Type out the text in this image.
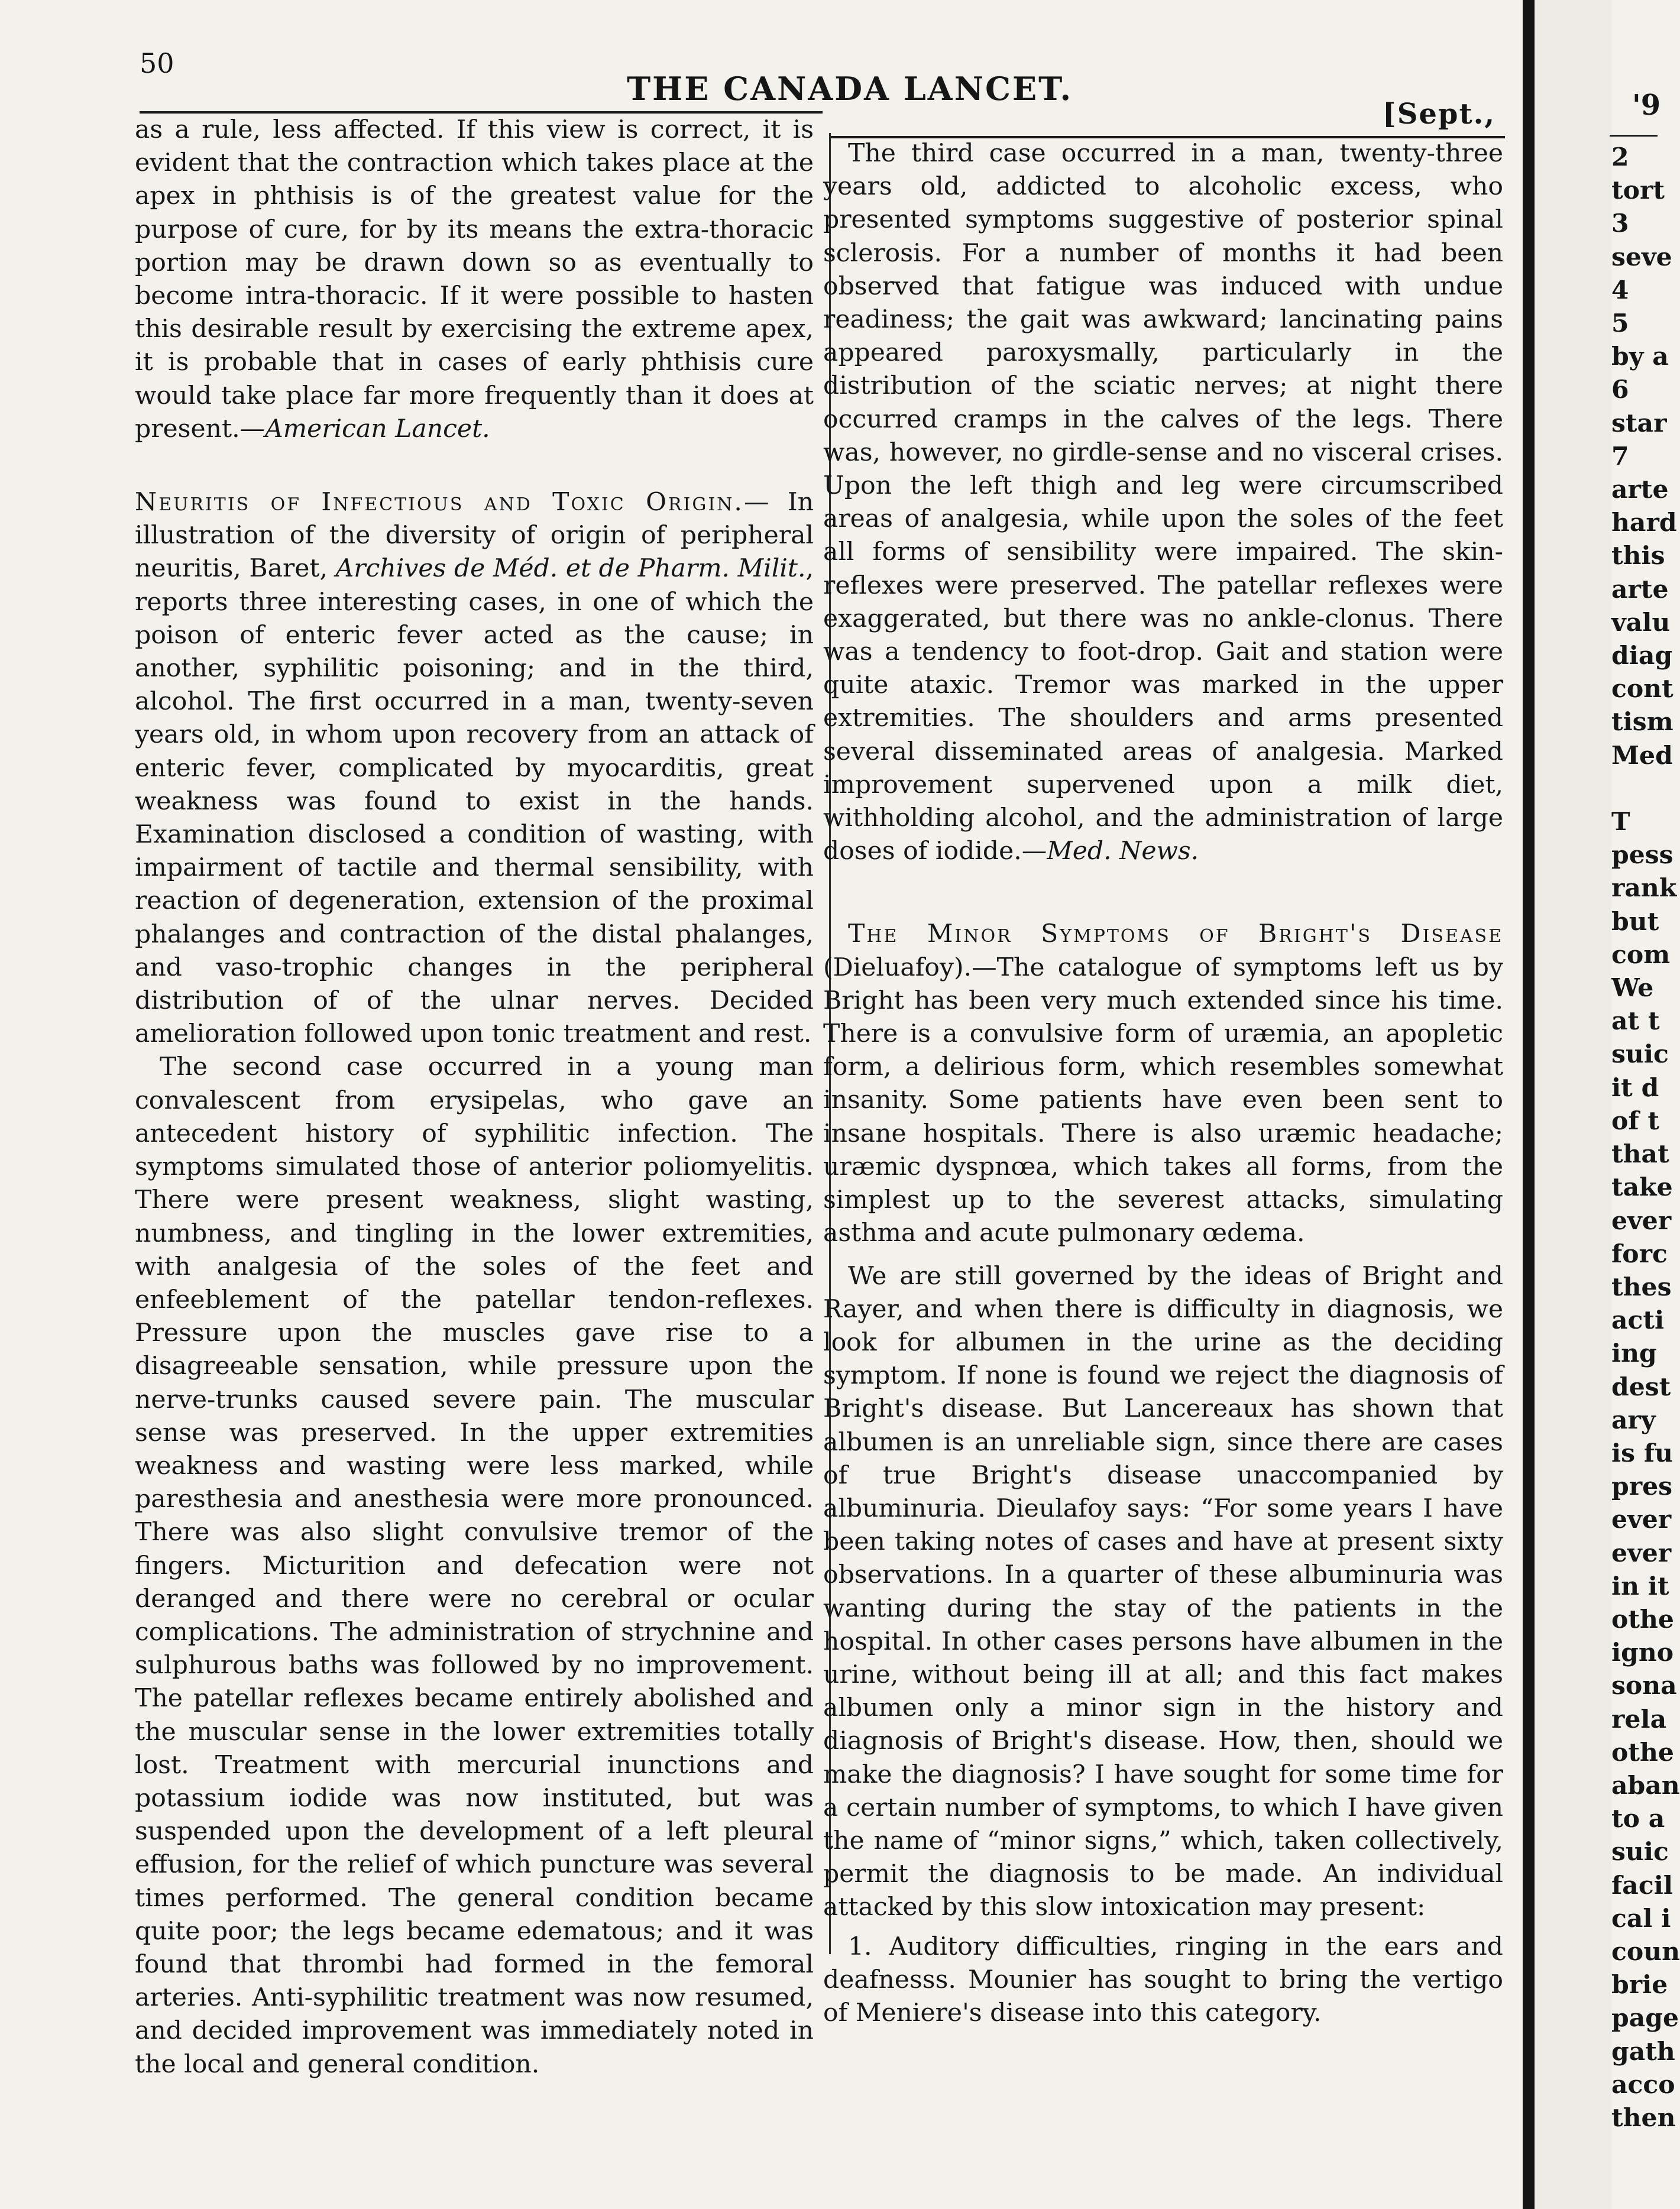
50
THE CANADA LANCET.
[Sept.,

as a rule, less affected. If this view is correct, it is evident that the contraction which takes place at the apex in phthisis is of the greatest value for the purpose of cure, for by its means the extra-thoracic portion may be drawn down so as eventually to become intra-thoracic. If it were possible to hasten this desirable result by exercising the extreme apex, it is probable that in cases of early phthisis cure would take place far more frequently than it does at present.—American Lancet.

Neuritis of Infectious and Toxic Origin.— In illustration of the diversity of origin of peripheral neuritis, Baret, Archives de Méd. et de Pharm. Milit., reports three interesting cases, in one of which the poison of enteric fever acted as the cause; in another, syphilitic poisoning; and in the third, alcohol. The first occurred in a man, twenty-seven years old, in whom upon recovery from an attack of enteric fever, complicated by myocarditis, great weakness was found to exist in the hands. Examination disclosed a condition of wasting, with impairment of tactile and thermal sensibility, with reaction of degeneration, extension of the proximal phalanges and contraction of the distal phalanges, and vaso-trophic changes in the peripheral distribution of of the ulnar nerves. Decided amelioration followed upon tonic treatment and rest.

The second case occurred in a young man convalescent from erysipelas, who gave an antecedent history of syphilitic infection. The symptoms simulated those of anterior poliomyelitis. There were present weakness, slight wasting, numbness, and tingling in the lower extremities, with analgesia of the soles of the feet and enfeeblement of the patellar tendon-reflexes. Pressure upon the muscles gave rise to a disagreeable sensation, while pressure upon the nerve-trunks caused severe pain. The muscular sense was preserved. In the upper extremities weakness and wasting were less marked, while paresthesia and anesthesia were more pronounced. There was also slight convulsive tremor of the fingers. Micturition and defecation were not deranged and there were no cerebral or ocular complications. The administration of strychnine and sulphurous baths was followed by no improvement. The patellar reflexes became entirely abolished and the muscular sense in the lower extremities totally lost. Treatment with mercurial inunctions and potassium iodide was now instituted, but was suspended upon the development of a left pleural effusion, for the relief of which puncture was several times performed. The general condition became quite poor; the legs became edematous; and it was found that thrombi had formed in the femoral arteries. Anti-syphilitic treatment was now resumed, and decided improvement was immediately noted in the local and general condition.

The third case occurred in a man, twenty-three years old, addicted to alcoholic excess, who presented symptoms suggestive of posterior spinal sclerosis. For a number of months it had been observed that fatigue was induced with undue readiness; the gait was awkward; lancinating pains appeared paroxysmally, particularly in the distribution of the sciatic nerves; at night there occurred cramps in the calves of the legs. There was, however, no girdle-sense and no visceral crises. Upon the left thigh and leg were circumscribed areas of analgesia, while upon the soles of the feet all forms of sensibility were impaired. The skin-reflexes were preserved. The patellar reflexes were exaggerated, but there was no ankle-clonus. There was a tendency to foot-drop. Gait and station were quite ataxic. Tremor was marked in the upper extremities. The shoulders and arms presented several disseminated areas of analgesia. Marked improvement supervened upon a milk diet, withholding alcohol, and the administration of large doses of iodide.—Med. News.

The Minor Symptoms of Bright's Disease (Dieluafoy).—The catalogue of symptoms left us by Bright has been very much extended since his time. There is a convulsive form of uræmia, an apopletic form, a delirious form, which resembles somewhat insanity. Some patients have even been sent to insane hospitals. There is also uræmic headache; uræmic dyspnœa, which takes all forms, from the simplest up to the severest attacks, simulating asthma and acute pulmonary œdema.

We are still governed by the ideas of Bright and Rayer, and when there is difficulty in diagnosis, we look for albumen in the urine as the deciding symptom. If none is found we reject the diagnosis of Bright's disease. But Lancereaux has shown that albumen is an unreliable sign, since there are cases of true Bright's disease unaccompanied by albuminuria. Dieulafoy says: “For some years I have been taking notes of cases and have at present sixty observations. In a quarter of these albuminuria was wanting during the stay of the patients in the hospital. In other cases persons have albumen in the urine, without being ill at all; and this fact makes albumen only a minor sign in the history and diagnosis of Bright's disease. How, then, should we make the diagnosis? I have sought for some time for a certain number of symptoms, to which I have given the name of “minor signs,” which, taken collectively, permit the diagnosis to be made. An individual attacked by this slow intoxication may present:

1. Auditory difficulties, ringing in the ears and deafnesss. Mounier has sought to bring the vertigo of Meniere's disease into this category.

'9
2
tort
3
seve
4
5
by a
6
star
7
arte
hard
this
arte
valu
diag
cont
tism
Med

T
pess
rank
but
com
We
at t
suic
it d
of t
that
take
ever
forc
thes
acti
ing
dest
ary
is fu
pres
ever
ever
in it
othe
igno
sona
rela
othe
aban
to a
suic
facil
cal i
coun
brie
page
gath
acco
then
